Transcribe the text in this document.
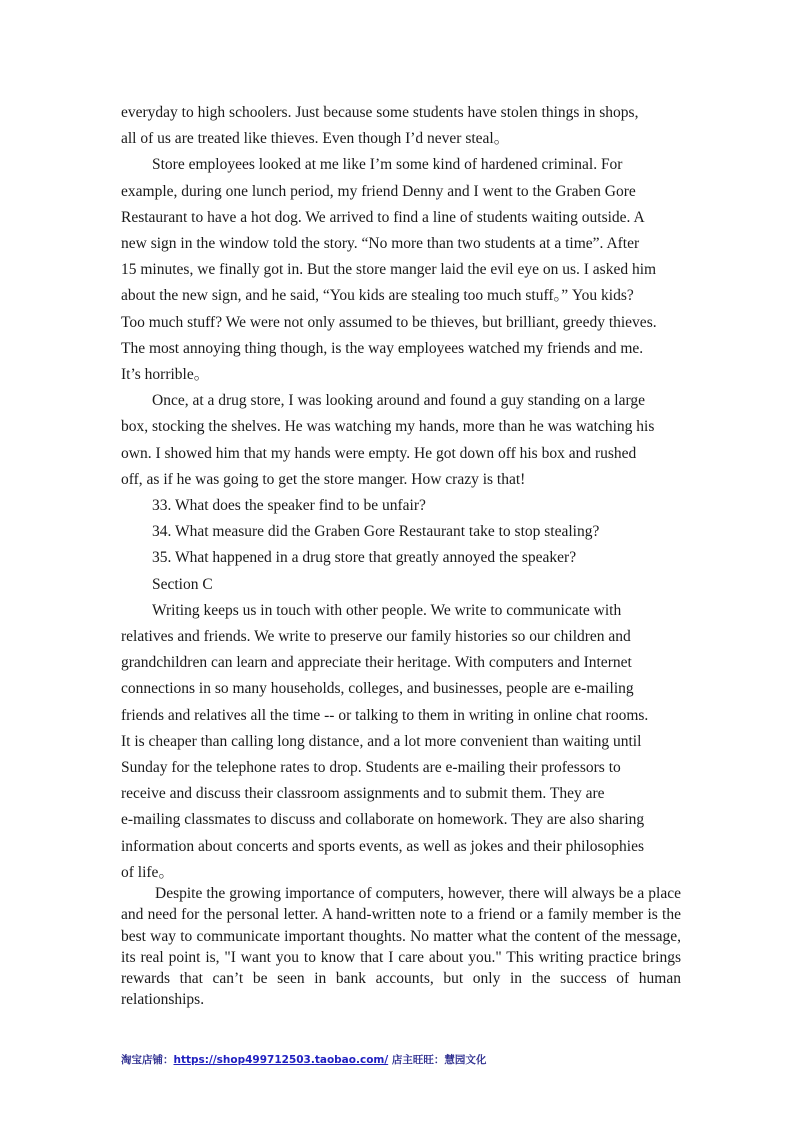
everyday to high schoolers. Just because some students have stolen things in shops,
all of us are treated like thieves. Even though I’d never steal。
Store employees looked at me like I’m some kind of hardened criminal. For
example, during one lunch period, my friend Denny and I went to the Graben Gore
Restaurant to have a hot dog. We arrived to find a line of students waiting outside. A
new sign in the window told the story. “No more than two students at a time”. After
15 minutes, we finally got in. But the store manger laid the evil eye on us. I asked him
about the new sign, and he said, “You kids are stealing too much stuff。” You kids?
Too much stuff? We were not only assumed to be thieves, but brilliant, greedy thieves.
The most annoying thing though, is the way employees watched my friends and me.
It’s horrible。
Once, at a drug store, I was looking around and found a guy standing on a large
box, stocking the shelves. He was watching my hands, more than he was watching his
own. I showed him that my hands were empty. He got down off his box and rushed
off, as if he was going to get the store manger. How crazy is that!
33. What does the speaker find to be unfair?
34. What measure did the Graben Gore Restaurant take to stop stealing?
35. What happened in a drug store that greatly annoyed the speaker?
Section C
Writing keeps us in touch with other people. We write to communicate with
relatives and friends. We write to preserve our family histories so our children and
grandchildren can learn and appreciate their heritage. With computers and Internet
connections in so many households, colleges, and businesses, people are e-mailing
friends and relatives all the time -- or talking to them in writing in online chat rooms.
It is cheaper than calling long distance, and a lot more convenient than waiting until
Sunday for the telephone rates to drop. Students are e-mailing their professors to
receive and discuss their classroom assignments and to submit them. They are
e-mailing classmates to discuss and collaborate on homework. They are also sharing
information about concerts and sports events, as well as jokes and their philosophies
of life。
Despite the growing importance of computers, however, there will always be a place and need for the personal letter. A hand-written note to a friend or a family member is the best way to communicate important thoughts. No matter what the content of the message, its real point is, "I want you to know that I care about you." This writing practice brings rewards that can’t be seen in bank accounts, but only in the success of human relationships.
淘宝店铺：https://shop499712503.taobao.com/ 店主旺旺：慧园文化
